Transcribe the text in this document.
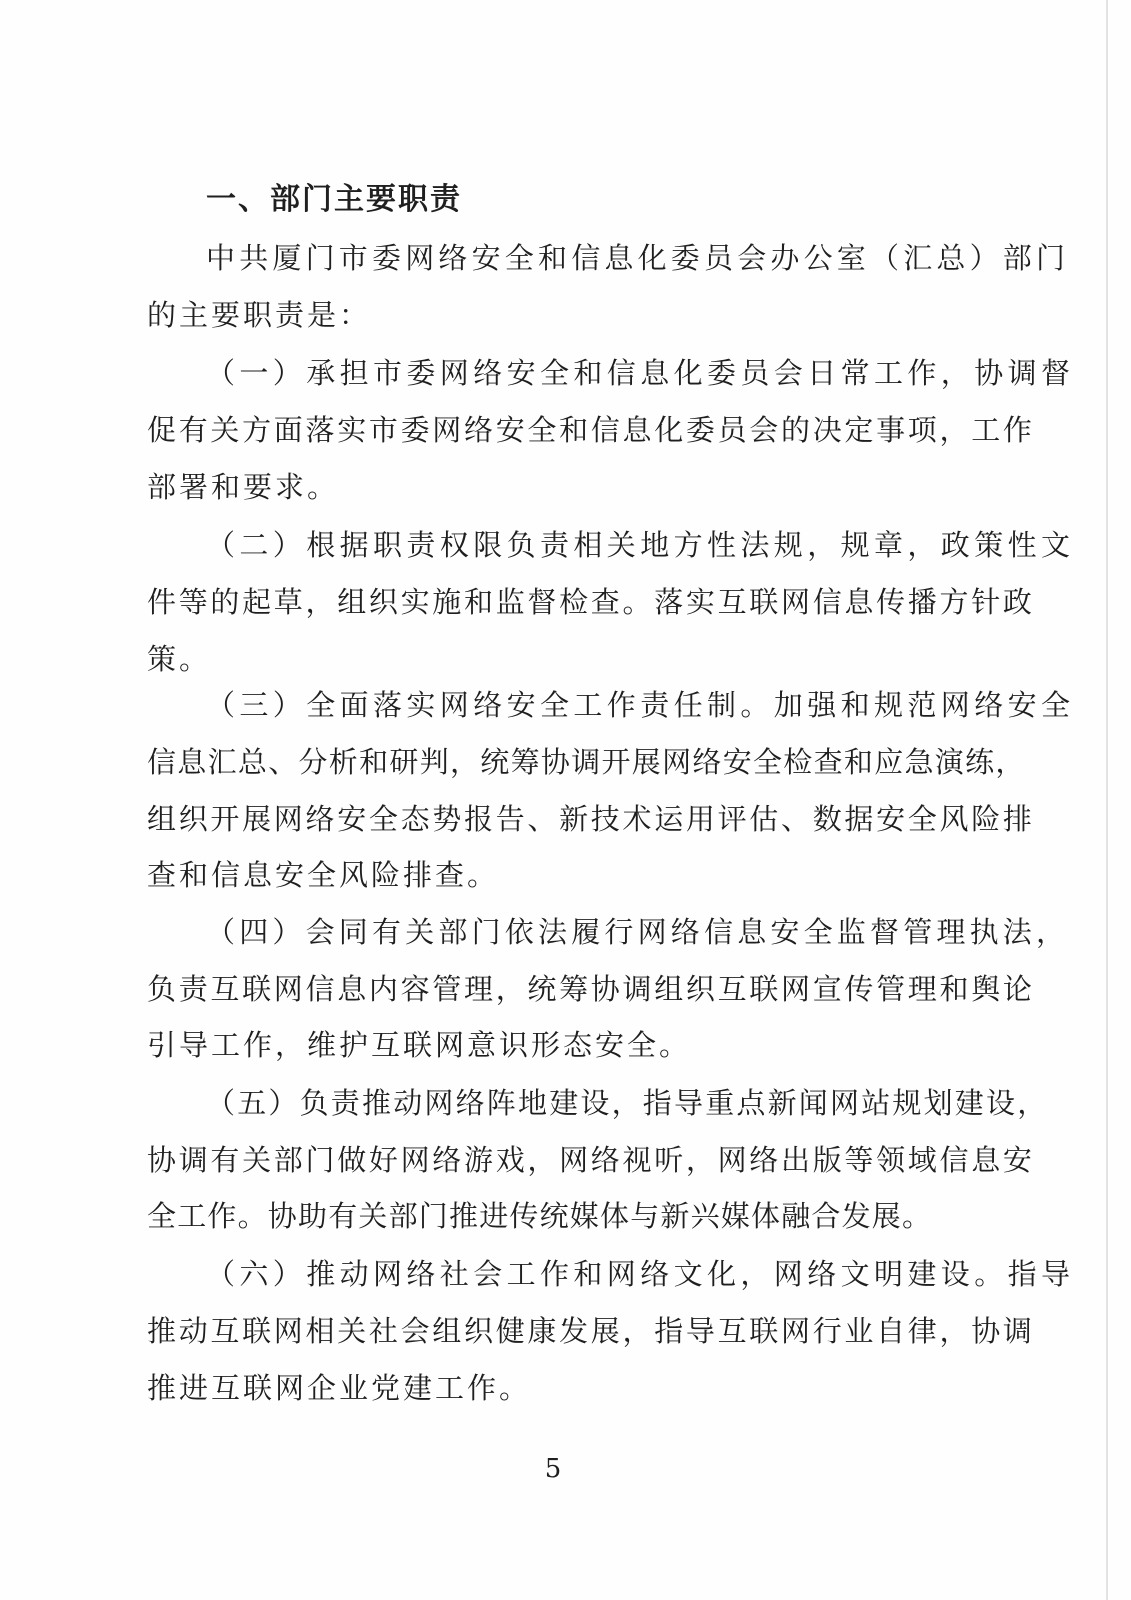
一、部门主要职责
中共厦门市委网络安全和信息化委员会办公室（汇总）部门
的主要职责是：
（一）承担市委网络安全和信息化委员会日常工作，协调督
促有关方面落实市委网络安全和信息化委员会的决定事项，工作
部署和要求。
（二）根据职责权限负责相关地方性法规，规章，政策性文
件等的起草，组织实施和监督检查。落实互联网信息传播方针政
策。
（三）全面落实网络安全工作责任制。加强和规范网络安全
信息汇总、分析和研判，统筹协调开展网络安全检查和应急演练，
组织开展网络安全态势报告、新技术运用评估、数据安全风险排
查和信息安全风险排查。
（四）会同有关部门依法履行网络信息安全监督管理执法，
负责互联网信息内容管理，统筹协调组织互联网宣传管理和舆论
引导工作，维护互联网意识形态安全。
（五）负责推动网络阵地建设，指导重点新闻网站规划建设，
协调有关部门做好网络游戏，网络视听，网络出版等领域信息安
全工作。协助有关部门推进传统媒体与新兴媒体融合发展。
（六）推动网络社会工作和网络文化，网络文明建设。指导
推动互联网相关社会组织健康发展，指导互联网行业自律，协调
推进互联网企业党建工作。
5
